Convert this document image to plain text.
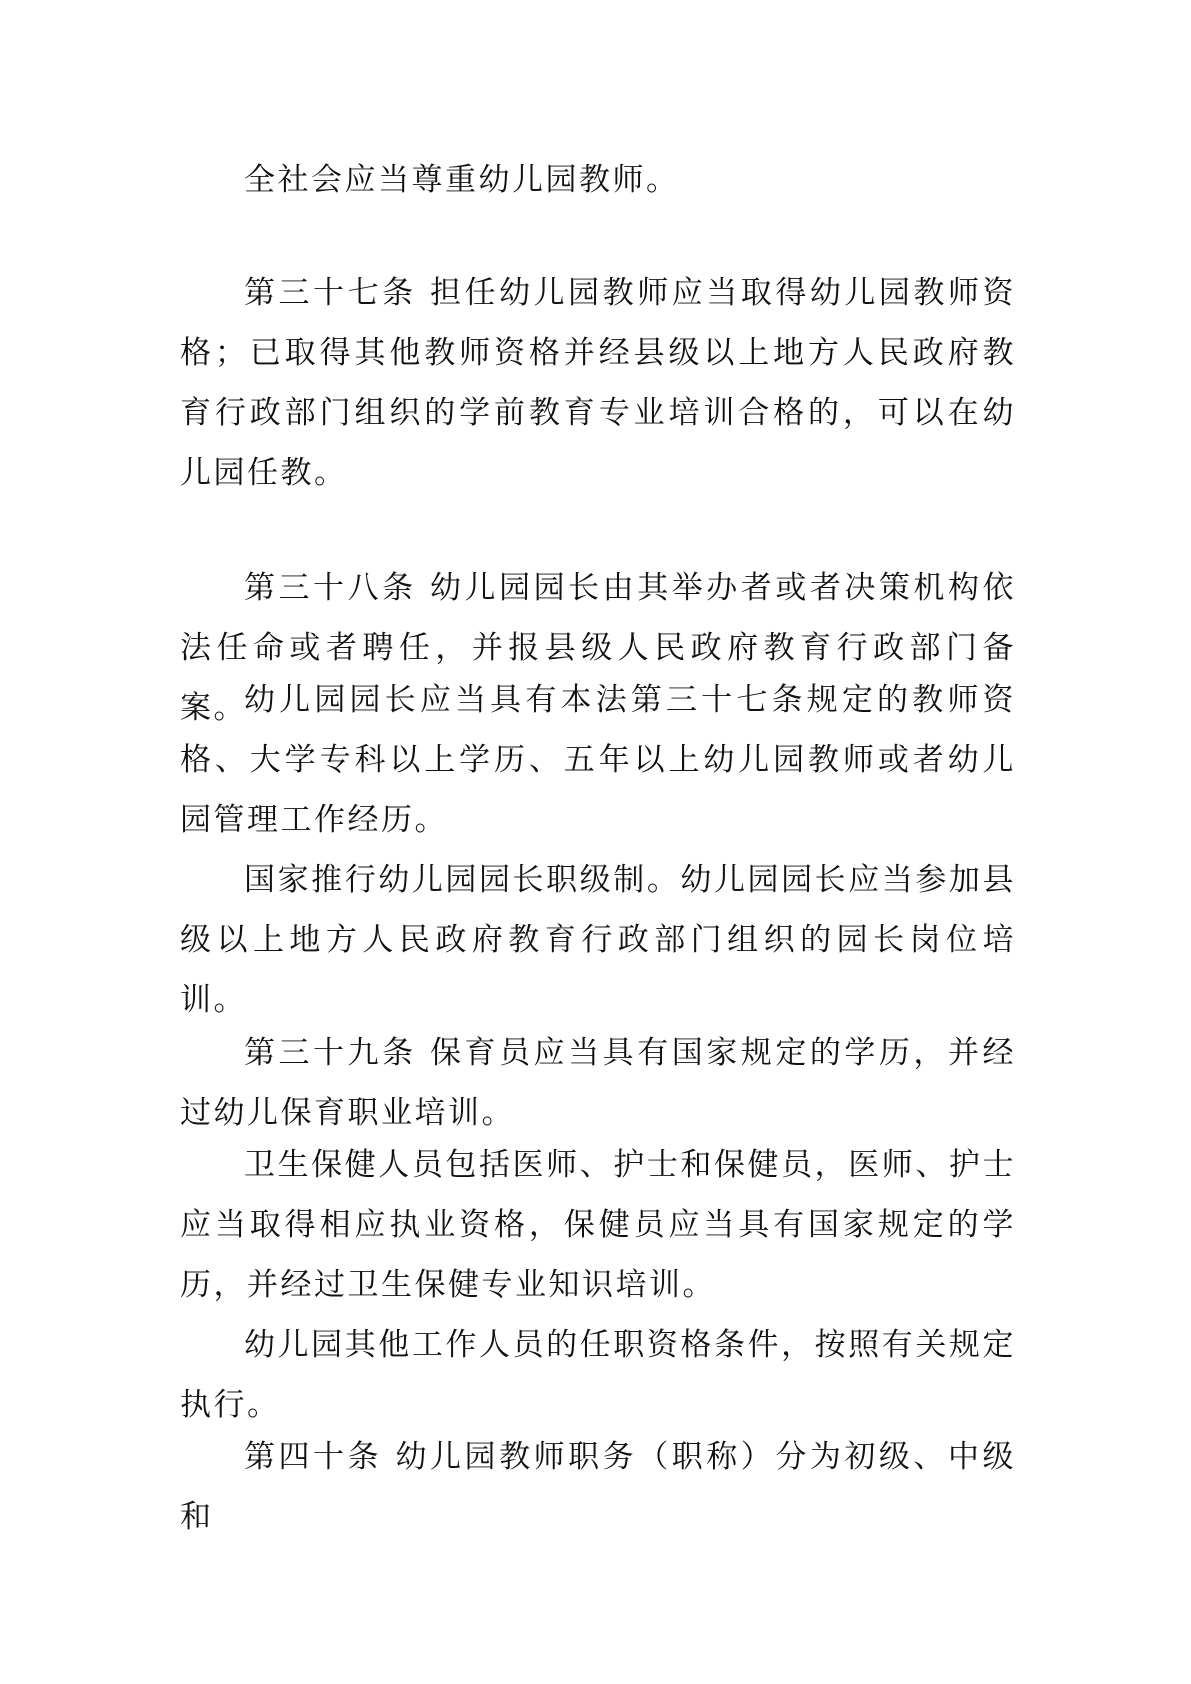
全社会应当尊重幼儿园教师。

第三十七条 担任幼儿园教师应当取得幼儿园教师资格；已取得其他教师资格并经县级以上地方人民政府教育行政部门组织的学前教育专业培训合格的，可以在幼儿园任教。

第三十八条 幼儿园园长由其举办者或者决策机构依法任命或者聘任，并报县级人民政府教育行政部门备案。

幼儿园园长应当具有本法第三十七条规定的教师资格、大学专科以上学历、五年以上幼儿园教师或者幼儿园管理工作经历。

国家推行幼儿园园长职级制。幼儿园园长应当参加县级以上地方人民政府教育行政部门组织的园长岗位培训。

第三十九条 保育员应当具有国家规定的学历，并经过幼儿保育职业培训。

卫生保健人员包括医师、护士和保健员，医师、护士应当取得相应执业资格，保健员应当具有国家规定的学历，并经过卫生保健专业知识培训。

幼儿园其他工作人员的任职资格条件，按照有关规定执行。

第四十条 幼儿园教师职务（职称）分为初级、中级和
